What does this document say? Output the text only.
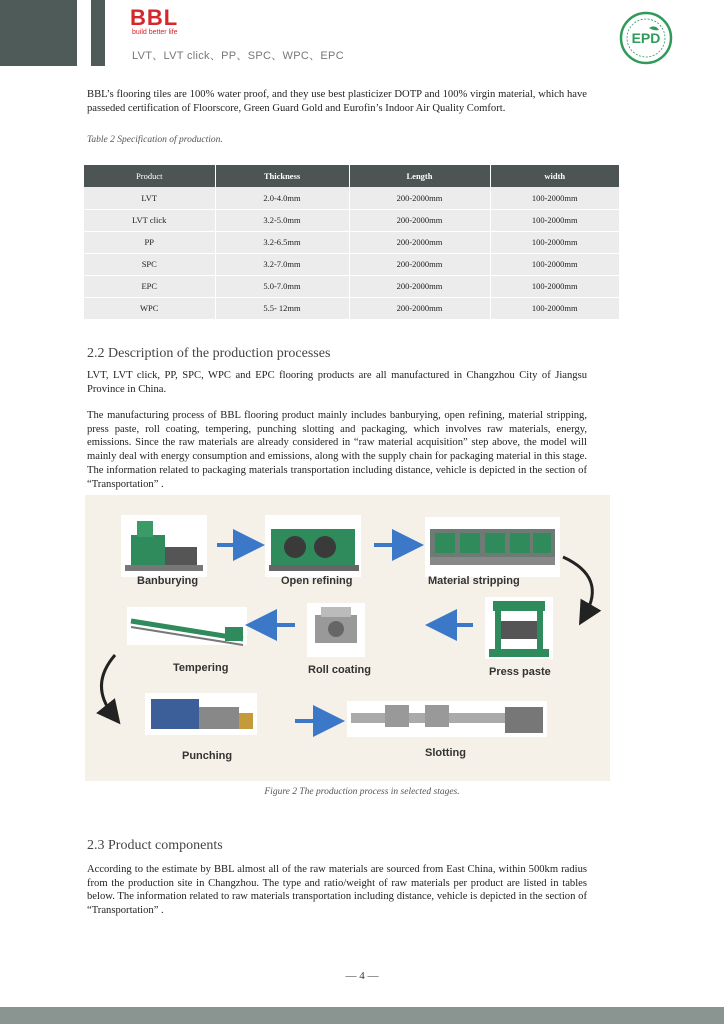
BBL
build better life
LVT、LVT click、PP、SPC、WPC、EPC
EPD
BBL’s flooring tiles are 100% water proof, and they use best plasticizer DOTP and 100% virgin material, which have passeded certification of Floorscore, Green Guard Gold and Eurofin’s Indoor Air Quality Comfort.
Table 2 Specification of production.
Product	Thickness	Length	width
LVT	2.0-4.0mm	200-2000mm	100-2000mm
LVT click	3.2-5.0mm	200-2000mm	100-2000mm
PP	3.2-6.5mm	200-2000mm	100-2000mm
SPC	3.2-7.0mm	200-2000mm	100-2000mm
EPC	5.0-7.0mm	200-2000mm	100-2000mm
WPC	5.5- 12mm	200-2000mm	100-2000mm
2.2 Description of the production processes
LVT, LVT click, PP, SPC, WPC and EPC flooring products are all manufactured in Changzhou City of Jiangsu Province in China.
The manufacturing process of BBL flooring product mainly includes banburying, open refining, material stripping, press paste, roll coating, tempering, punching slotting and packaging, which involves raw materials, energy, emissions. Since the raw materials are already considered in “raw material acquisition” step above, the model will mainly deal with energy consumption and emissions, along with the supply chain for packaging material in this stage. The information related to packaging materials transportation including distance, vehicle is depicted in the section of “Transportation” .
Banburying	Open refining	Material stripping
Press paste
Roll coating
Tempering
Punching	Slotting
Figure 2 The production process in selected stages.
2.3 Product components
According to the estimate by BBL almost all of the raw materials are sourced from East China, within 500km radius from the production site in Changzhou. The type and ratio/weight of raw materials per product are listed in tables below. The information related to raw materials transportation including distance, vehicle is depicted in the section of “Transportation” .
— 4 —
